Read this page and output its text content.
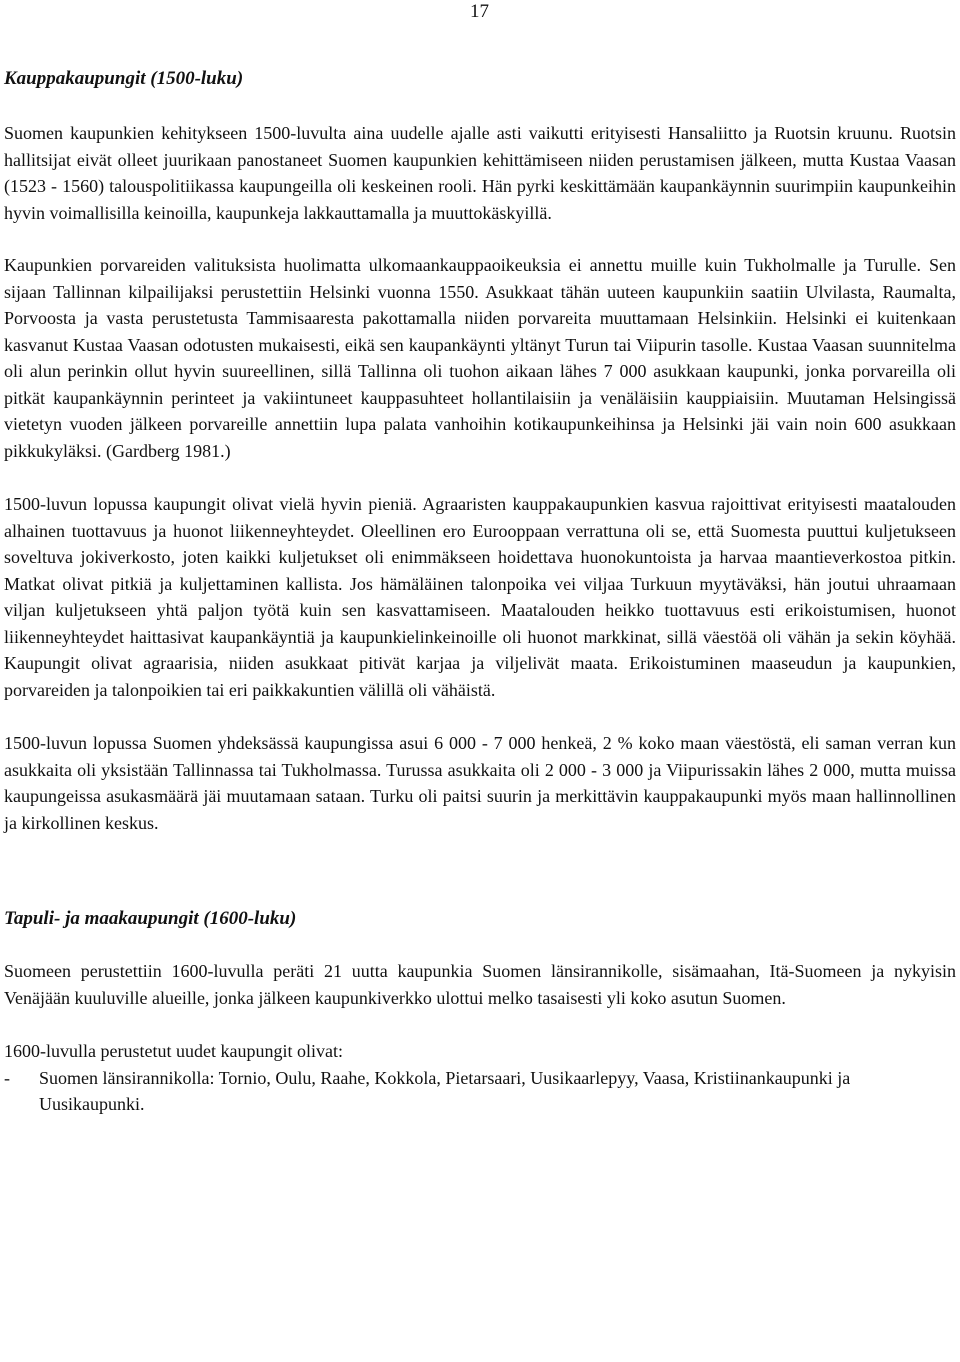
17

Kauppakaupungit (1500-luku)

Suomen kaupunkien kehitykseen 1500-luvulta aina uudelle ajalle asti vaikutti erityisesti Hansaliitto ja Ruotsin kruunu. Ruotsin hallitsijat eivät olleet juurikaan panostaneet Suomen kaupunkien kehittämiseen niiden perustamisen jälkeen, mutta Kustaa Vaasan (1523 - 1560) talouspolitiikassa kaupungeilla oli keskeinen rooli. Hän pyrki keskittämään kaupankäynnin suurimpiin kaupunkeihin hyvin voimallisilla keinoilla, kaupunkeja lakkauttamalla ja muuttokäskyillä.

Kaupunkien porvareiden valituksista huolimatta ulkomaankauppaoikeuksia ei annettu muille kuin Tukholmalle ja Turulle. Sen sijaan Tallinnan kilpailijaksi perustettiin Helsinki vuonna 1550. Asukkaat tähän uuteen kaupunkiin saatiin Ulvilasta, Raumalta, Porvoosta ja vasta perustetusta Tammisaaresta pakottamalla niiden porvareita muuttamaan Helsinkiin. Helsinki ei kuitenkaan kasvanut Kustaa Vaasan odotusten mukaisesti, eikä sen kaupankäynti yltänyt Turun tai Viipurin tasolle. Kustaa Vaasan suunnitelma oli alun perinkin ollut hyvin suureellinen, sillä Tallinna oli tuohon aikaan lähes 7 000 asukkaan kaupunki, jonka porvareilla oli pitkät kaupankäynnin perinteet ja vakiintuneet kauppasuhteet hollantilaisiin ja venäläisiin kauppiaisiin. Muutaman Helsingissä vietetyn vuoden jälkeen porvareille annettiin lupa palata vanhoihin kotikaupunkeihinsa ja Helsinki jäi vain noin 600 asukkaan pikkukyläksi. (Gardberg 1981.)

1500-luvun lopussa kaupungit olivat vielä hyvin pieniä. Agraaristen kauppakaupunkien kasvua rajoittivat erityisesti maatalouden alhainen tuottavuus ja huonot liikenneyhteydet. Oleellinen ero Eurooppaan verrattuna oli se, että Suomesta puuttui kuljetukseen soveltuva jokiverkosto, joten kaikki kuljetukset oli enimmäkseen hoidettava huonokuntoista ja harvaa maantieverkostoa pitkin. Matkat olivat pitkiä ja kuljettaminen kallista. Jos hämäläinen talonpoika vei viljaa Turkuun myytäväksi, hän joutui uhraamaan viljan kuljetukseen yhtä paljon työtä kuin sen kasvattamiseen. Maatalouden heikko tuottavuus esti erikoistumisen, huonot liikenneyhteydet haittasivat kaupankäyntiä ja kaupunkielinkeinoille oli huonot markkinat, sillä väestöä oli vähän ja sekin köyhää. Kaupungit olivat agraarisia, niiden asukkaat pitivät karjaa ja viljelivät maata. Erikoistuminen maaseudun ja kaupunkien, porvareiden ja talonpoikien tai eri paikkakuntien välillä oli vähäistä.

1500-luvun lopussa Suomen yhdeksässä kaupungissa asui 6 000 - 7 000 henkeä, 2 % koko maan väestöstä, eli saman verran kun asukkaita oli yksistään Tallinnassa tai Tukholmassa. Turussa asukkaita oli 2 000 - 3 000 ja Viipurissakin lähes 2 000, mutta muissa kaupungeissa asukasmäärä jäi muutamaan sataan. Turku oli paitsi suurin ja merkittävin kauppakaupunki myös maan hallinnollinen ja kirkollinen keskus.

Tapuli- ja maakaupungit (1600-luku)

Suomeen perustettiin 1600-luvulla peräti 21 uutta kaupunkia Suomen länsirannikolle, sisämaahan, Itä-Suomeen ja nykyisin Venäjään kuuluville alueille, jonka jälkeen kaupunkiverkko ulottui melko tasaisesti yli koko asutun Suomen.

1600-luvulla perustetut uudet kaupungit olivat:

- Suomen länsirannikolla: Tornio, Oulu, Raahe, Kokkola, Pietarsaari, Uusikaarlepyy, Vaasa, Kristiinankaupunki ja Uusikaupunki.
